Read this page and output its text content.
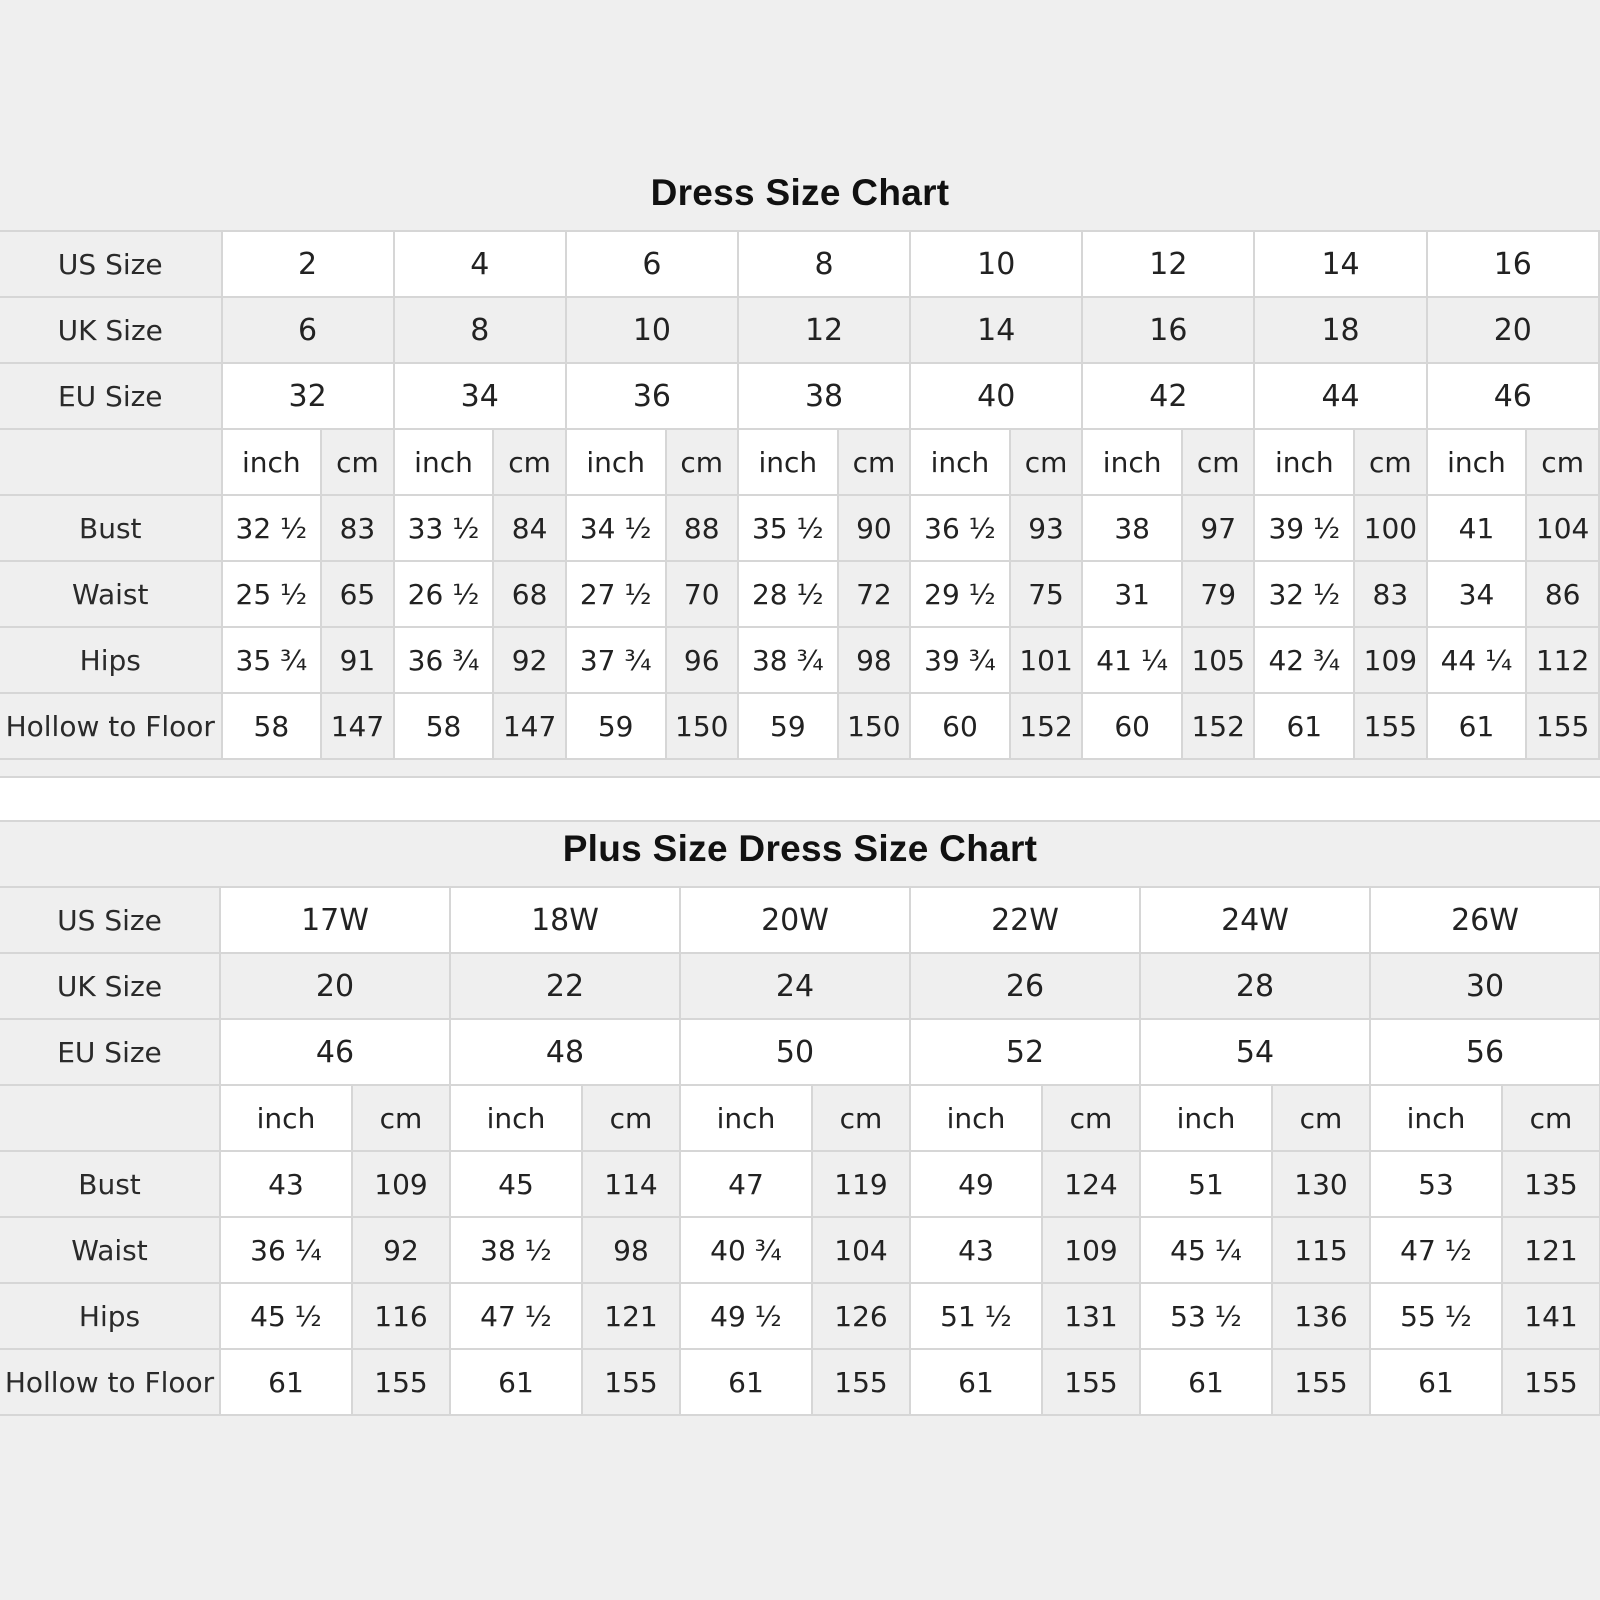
Dress Size Chart
US Size	2		4		6		8		10		12		14		16	
UK Size	6		8		10		12		14		16		18		20	
EU Size	32		34		36		38		40		42		44		46	
	inch	cm	inch	cm	inch	cm	inch	cm	inch	cm	inch	cm	inch	cm	inch	cm
Bust	32 ½	83	33 ½	84	34 ½	88	35 ½	90	36 ½	93	38	97	39 ½	100	41	104
Waist	25 ½	65	26 ½	68	27 ½	70	28 ½	72	29 ½	75	31	79	32 ½	83	34	86
Hips	35 ¾	91	36 ¾	92	37 ¾	96	38 ¾	98	39 ¾	101	41 ¼	105	42 ¾	109	44 ¼	112
Hollow to Floor	58	147	58	147	59	150	59	150	60	152	60	152	61	155	61	155
Plus Size Dress Size Chart
US Size	17W		18W		20W		22W		24W		26W	
UK Size	20		22		24		26		28		30	
EU Size	46		48		50		52		54		56	
	inch	cm	inch	cm	inch	cm	inch	cm	inch	cm	inch	cm
Bust	43	109	45	114	47	119	49	124	51	130	53	135
Waist	36 ¼	92	38 ½	98	40 ¾	104	43	109	45 ¼	115	47 ½	121
Hips	45 ½	116	47 ½	121	49 ½	126	51 ½	131	53 ½	136	55 ½	141
Hollow to Floor	61	155	61	155	61	155	61	155	61	155	61	155
